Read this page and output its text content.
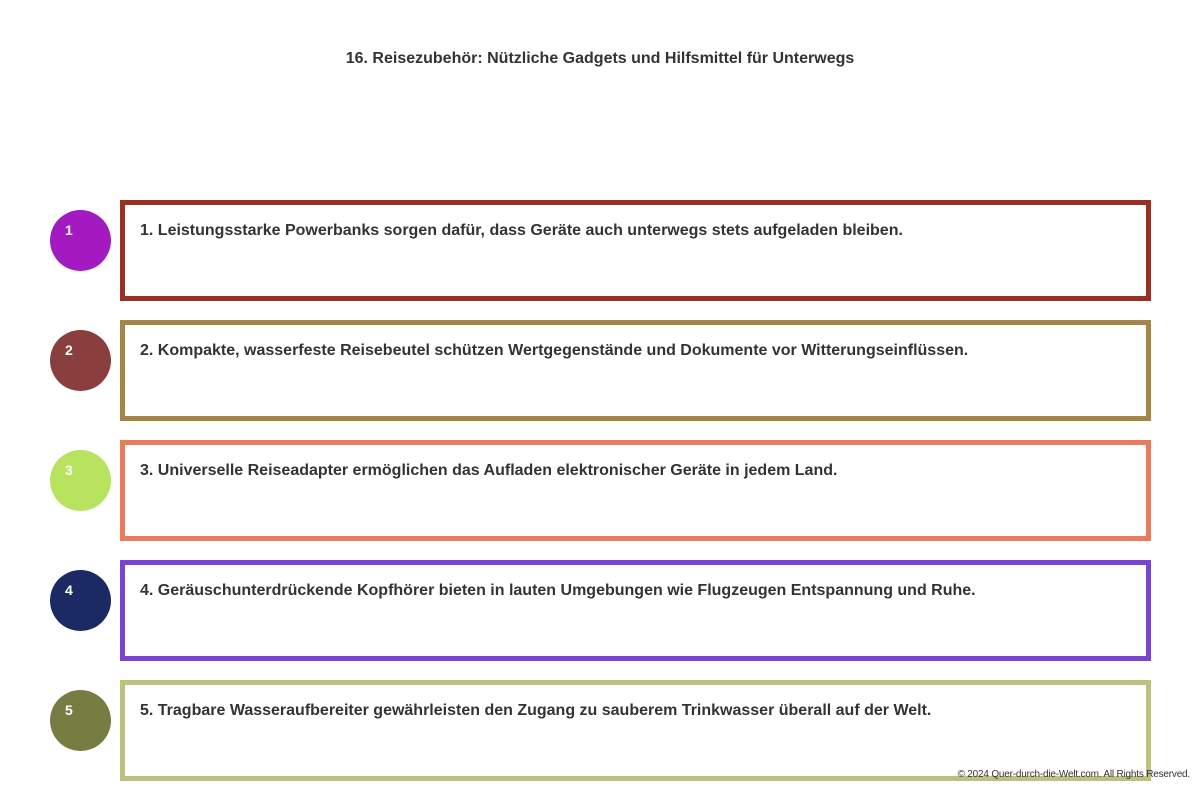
16. Reisezubehör: Nützliche Gadgets und Hilfsmittel für Unterwegs
1	1. Leistungsstarke Powerbanks sorgen dafür, dass Geräte auch unterwegs stets aufgeladen bleiben.
2	2. Kompakte, wasserfeste Reisebeutel schützen Wertgegenstände und Dokumente vor Witterungseinflüssen.
3	3. Universelle Reiseadapter ermöglichen das Aufladen elektronischer Geräte in jedem Land.
4	4. Geräuschunterdrückende Kopfhörer bieten in lauten Umgebungen wie Flugzeugen Entspannung und Ruhe.
5	5. Tragbare Wasseraufbereiter gewährleisten den Zugang zu sauberem Trinkwasser überall auf der Welt.
© 2024 Quer-durch-die-Welt.com. All Rights Reserved.
